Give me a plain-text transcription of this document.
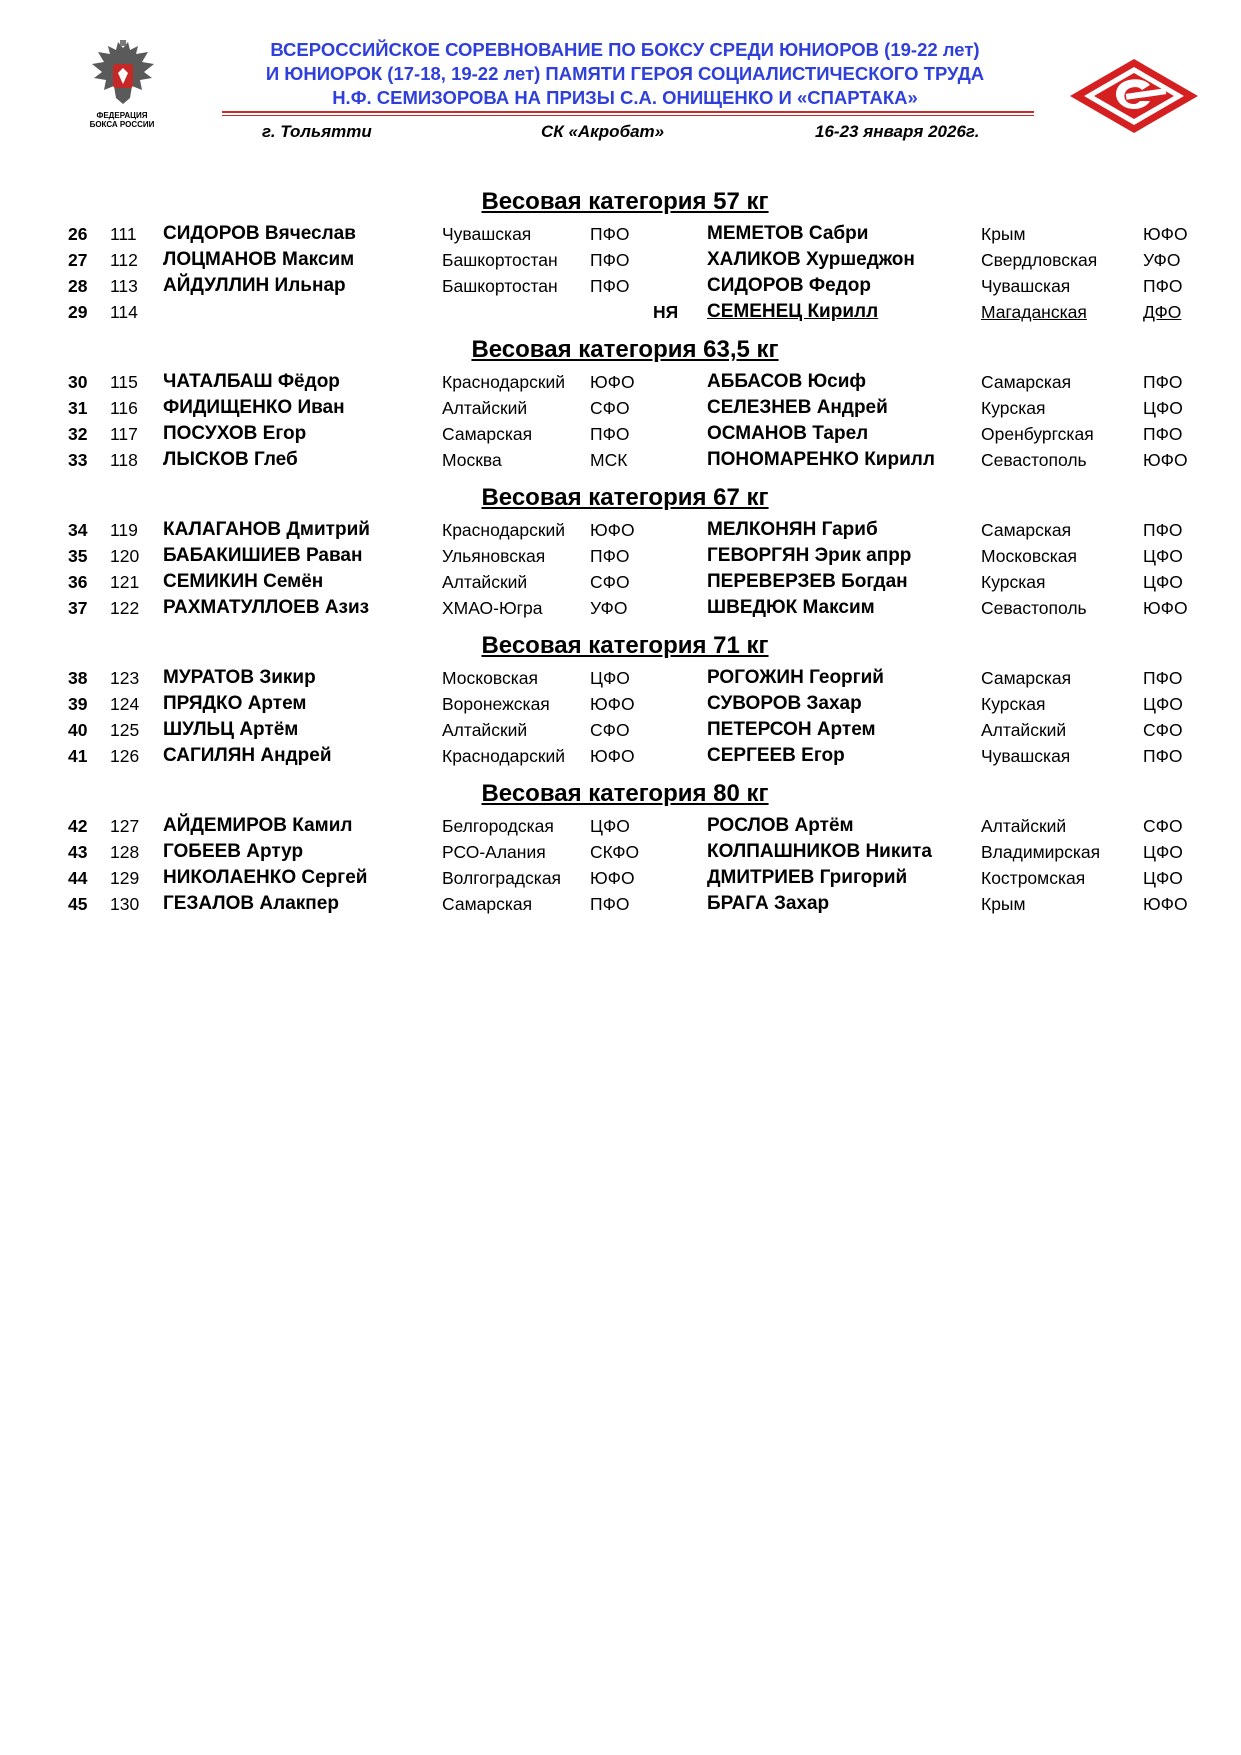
ФЕДЕРАЦИЯ
БОКСА РОССИИ
ВСЕРОССИЙСКОЕ СОРЕВНОВАНИЕ ПО БОКСУ СРЕДИ ЮНИОРОВ (19-22 лет)
И ЮНИОРОК (17-18, 19-22 лет) ПАМЯТИ ГЕРОЯ СОЦИАЛИСТИЧЕСКОГО ТРУДА
Н.Ф. СЕМИЗОРОВА НА ПРИЗЫ С.А. ОНИЩЕНКО И «СПАРТАКА»
г. Тольятти	СК «Акробат»	16-23 января 2026г.
Весовая категория 57 кг
26 111 СИДОРОВ Вячеслав	Чувашская	ПФО	МЕМЕТОВ Сабри	Крым	ЮФО
27 112 ЛОЦМАНОВ Максим	Башкортостан ПФО	ХАЛИКОВ Хуршеджон	Свердловская	УФО
28 113 АЙДУЛЛИН Ильнар	Башкортостан ПФО	СИДОРОВ Федор	Чувашская	ПФО
29 114	НЯ СЕМЕНЕЦ Кирилл	Магаданская	ДФО
Весовая категория 63,5 кг
30 115 ЧАТАЛБАШ Фёдор	Краснодарский ЮФО	АББАСОВ Юсиф	Самарская	ПФО
31 116 ФИДИЩЕНКО Иван	Алтайский	СФО	СЕЛЕЗНЕВ Андрей	Курская	ЦФО
32 117 ПОСУХОВ Егор	Самарская	ПФО	ОСМАНОВ Тарел	Оренбургская	ПФО
33 118 ЛЫСКОВ Глеб	Москва	МСК	ПОНОМАРЕНКО Кирилл	Севастополь	ЮФО
Весовая категория 67 кг
34 119 КАЛАГАНОВ Дмитрий	Краснодарский ЮФО	МЕЛКОНЯН Гариб	Самарская	ПФО
35 120 БАБАКИШИЕВ Раван	Ульяновская	ПФО	ГЕВОРГЯН Эрик апрр	Московская	ЦФО
36 121 СЕМИКИН Семён	Алтайский	СФО	ПЕРЕВЕРЗЕВ Богдан	Курская	ЦФО
37 122 РАХМАТУЛЛОЕВ Азиз	ХМАО-Югра	УФО	ШВЕДЮК Максим	Севастополь	ЮФО
Весовая категория 71 кг
38 123 МУРАТОВ Зикир	Московская	ЦФО	РОГОЖИН Георгий	Самарская	ПФО
39 124 ПРЯДКО Артем	Воронежская ЮФО	СУВОРОВ Захар	Курская	ЦФО
40 125 ШУЛЬЦ Артём	Алтайский	СФО	ПЕТЕРСОН Артем	Алтайский	СФО
41 126 САГИЛЯН Андрей	Краснодарский ЮФО	СЕРГЕЕВ Егор	Чувашская	ПФО
Весовая категория 80 кг
42 127 АЙДЕМИРОВ Камил	Белгородская ЦФО	РОСЛОВ Артём	Алтайский	СФО
43 128 ГОБЕЕВ Артур	РСО-Алания	СКФО	КОЛПАШНИКОВ Никита	Владимирская ЦФО
44 129 НИКОЛАЕНКО Сергей	Волгоградская ЮФО	ДМИТРИЕВ Григорий	Костромская	ЦФО
45 130 ГЕЗАЛОВ Алакпер	Самарская	ПФО	БРАГА Захар	Крым	ЮФО
